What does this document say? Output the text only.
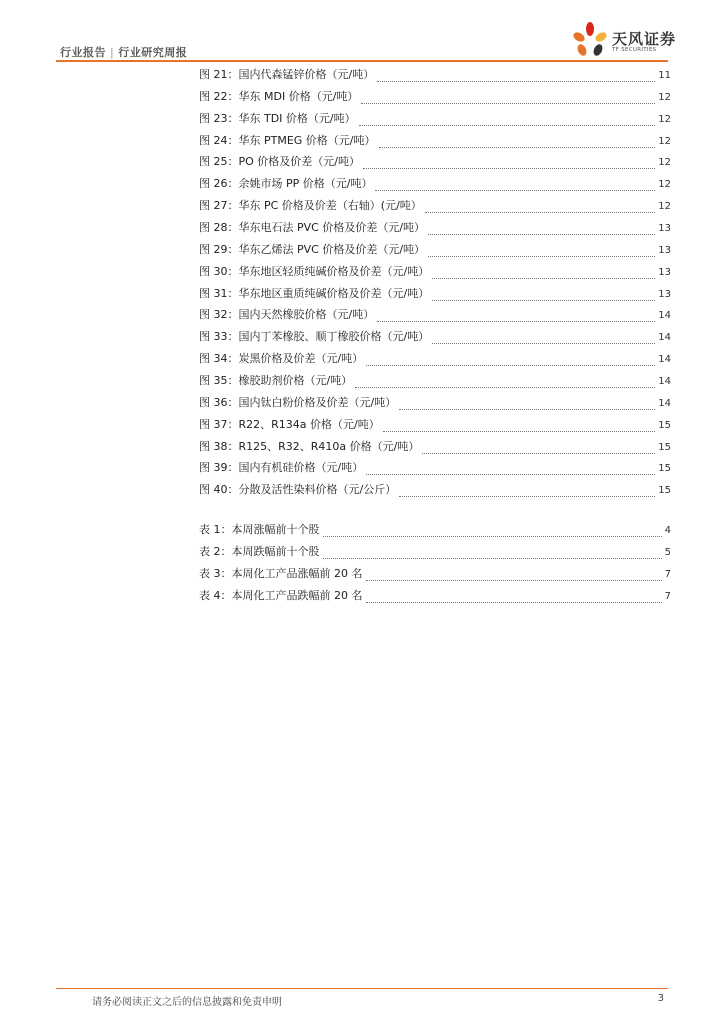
行业报告 | 行业研究周报
天风证券
TF SECURITIES
图 21：国内代森锰锌价格（元/吨）	11
图 22：华东 MDI 价格（元/吨）	12
图 23：华东 TDI 价格（元/吨）	12
图 24：华东 PTMEG 价格（元/吨）	12
图 25：PO 价格及价差（元/吨）	12
图 26：余姚市场 PP 价格（元/吨）	12
图 27：华东 PC 价格及价差（右轴）(元/吨）	12
图 28：华东电石法 PVC 价格及价差（元/吨）	13
图 29：华东乙烯法 PVC 价格及价差（元/吨）	13
图 30：华东地区轻质纯碱价格及价差（元/吨）	13
图 31：华东地区重质纯碱价格及价差（元/吨）	13
图 32：国内天然橡胶价格（元/吨）	14
图 33：国内丁苯橡胶、顺丁橡胶价格（元/吨）	14
图 34：炭黑价格及价差（元/吨）	14
图 35：橡胶助剂价格（元/吨）	14
图 36：国内钛白粉价格及价差（元/吨）	14
图 37：R22、R134a 价格（元/吨）	15
图 38：R125、R32、R410a 价格（元/吨）	15
图 39：国内有机硅价格（元/吨）	15
图 40：分散及活性染料价格（元/公斤）	15
表 1：本周涨幅前十个股	4
表 2：本周跌幅前十个股	5
表 3：本周化工产品涨幅前 20 名	7
表 4：本周化工产品跌幅前 20 名	7
请务必阅读正文之后的信息披露和免责申明	3
